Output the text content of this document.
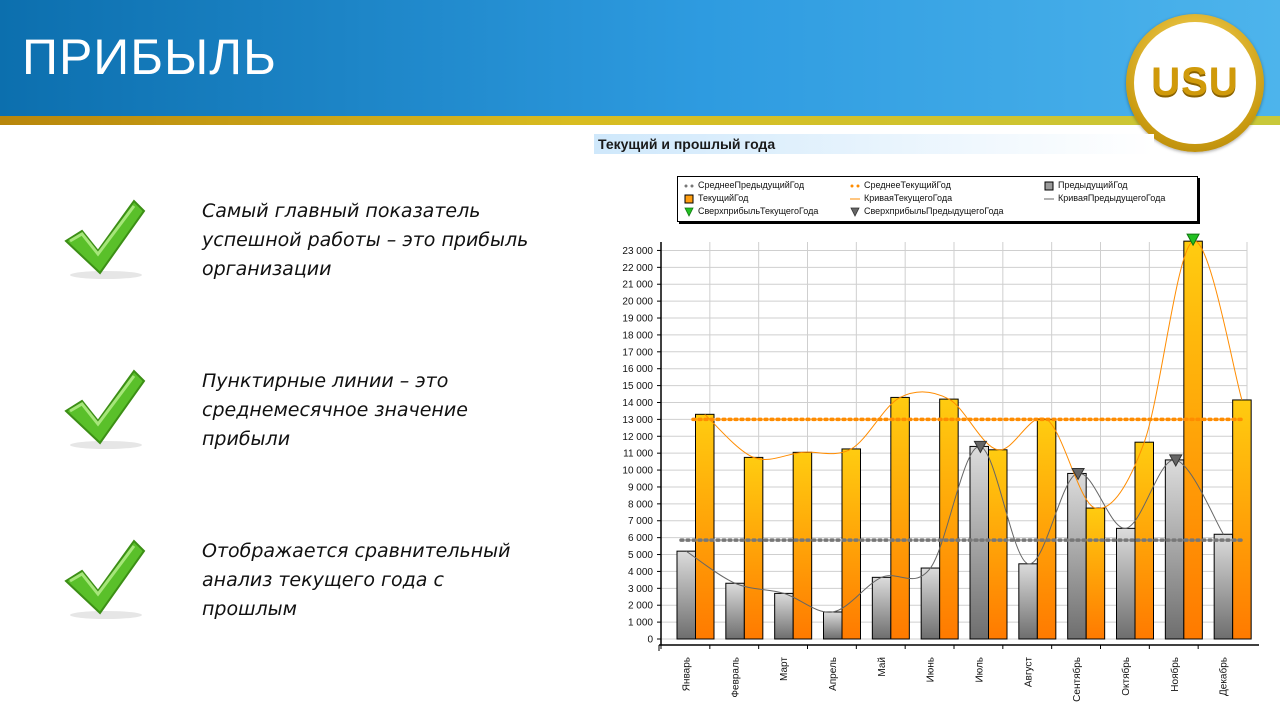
ПРИБЫЛЬ	USU
Самый главный показатель успешной работы – это прибыль организации
Пунктирные линии – это среднемесячное значение прибыли
Отображается сравнительный анализ текущего года с прошлым
Текущий и прошлый года
СреднееПредыдущийГод	СреднееТекущийГод	ПредыдущийГод
ТекущийГод	КриваяТекущегоГода	КриваяПредыдущегоГода
СверхприбыльТекущегоГода	СверхприбыльПредыдущегоГода
0
1 000
2 000
3 000
4 000
5 000
6 000
7 000
8 000
9 000
10 000
11 000
12 000
13 000
14 000
15 000
16 000
17 000
18 000
19 000
20 000
21 000
22 000
23 000
Январь	Февраль	Март	Апрель	Май	Июнь	Июль	Август	Сентябрь	Октябрь	Ноябрь	Декабрь
